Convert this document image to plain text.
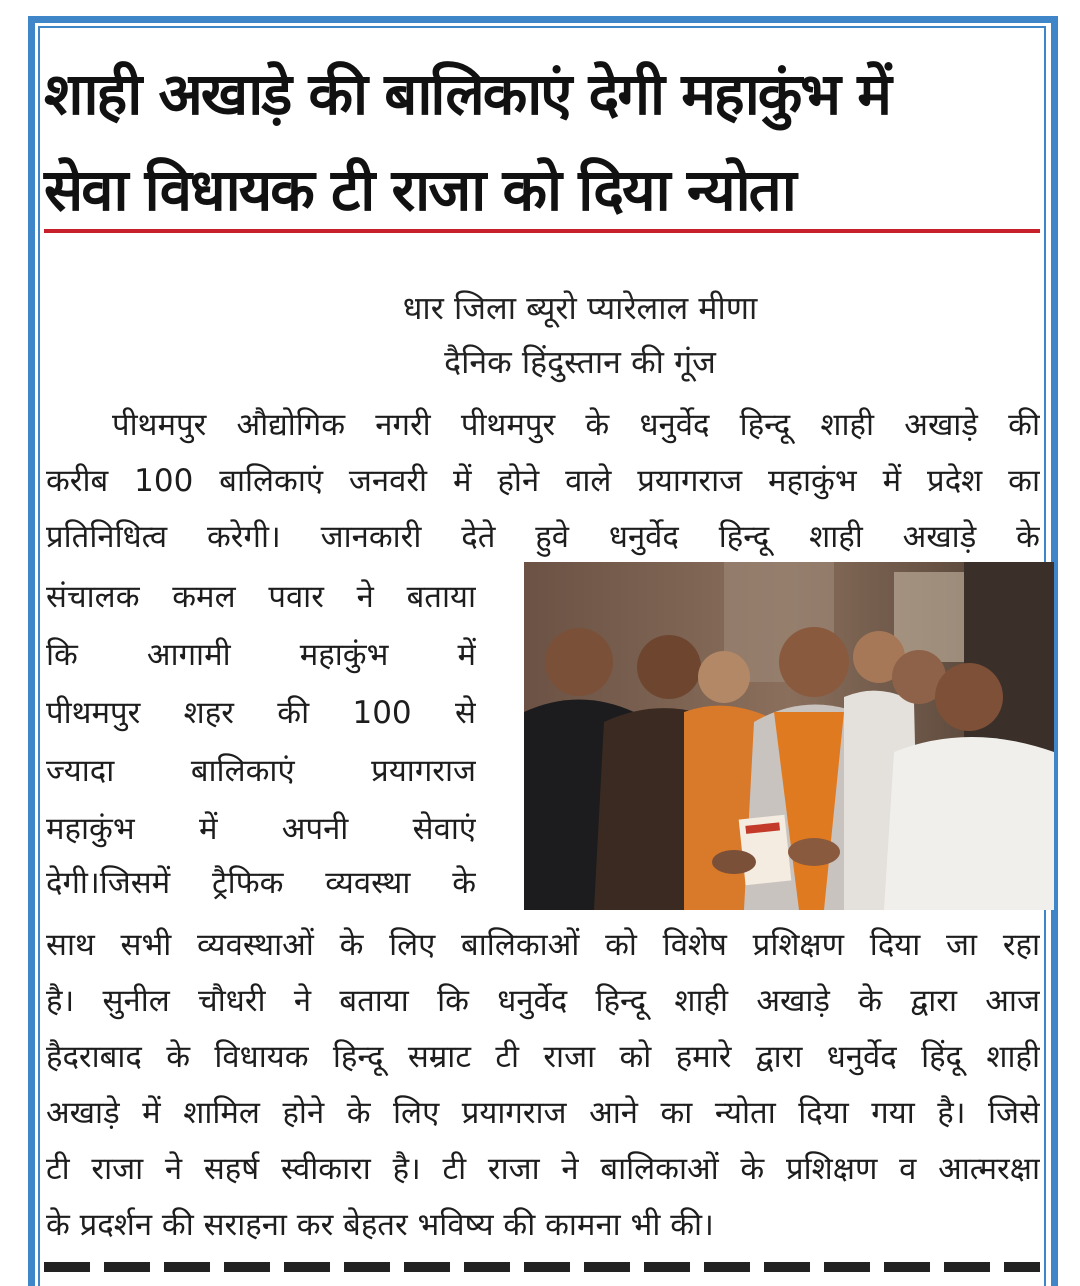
शाही अखाड़े की बालिकाएं देगी महाकुंभ में
सेवा विधायक टी राजा को दिया न्योता
धार जिला ब्यूरो प्यारेलाल मीणा
दैनिक हिंदुस्तान की गूंज
पीथमपुर औद्योगिक नगरी पीथमपुर के धनुर्वेद हिन्दू शाही अखाड़े की
करीब 100 बालिकाएं जनवरी में होने वाले प्रयागराज महाकुंभ में प्रदेश का
प्रतिनिधित्व करेगी। जानकारी देते हुवे धनुर्वेद हिन्दू शाही अखाड़े के
संचालक कमल पवार ने बताया
कि आगामी महाकुंभ में
पीथमपुर शहर की 100 से
ज्यादा बालिकाएं प्रयागराज
महाकुंभ में अपनी सेवाएं
देगी।जिसमें ट्रैफिक व्यवस्था के
साथ सभी व्यवस्थाओं के लिए बालिकाओं को विशेष प्रशिक्षण दिया जा रहा
है। सुनील चौधरी ने बताया कि धनुर्वेद हिन्दू शाही अखाड़े के द्वारा आज
हैदराबाद के विधायक हिन्दू सम्राट टी राजा को हमारे द्वारा धनुर्वेद हिंदू शाही
अखाड़े में शामिल होने के लिए प्रयागराज आने का न्योता दिया गया है। जिसे
टी राजा ने सहर्ष स्वीकारा है। टी राजा ने बालिकाओं के प्रशिक्षण व आत्मरक्षा
के प्रदर्शन की सराहना कर बेहतर भविष्य की कामना भी की।
